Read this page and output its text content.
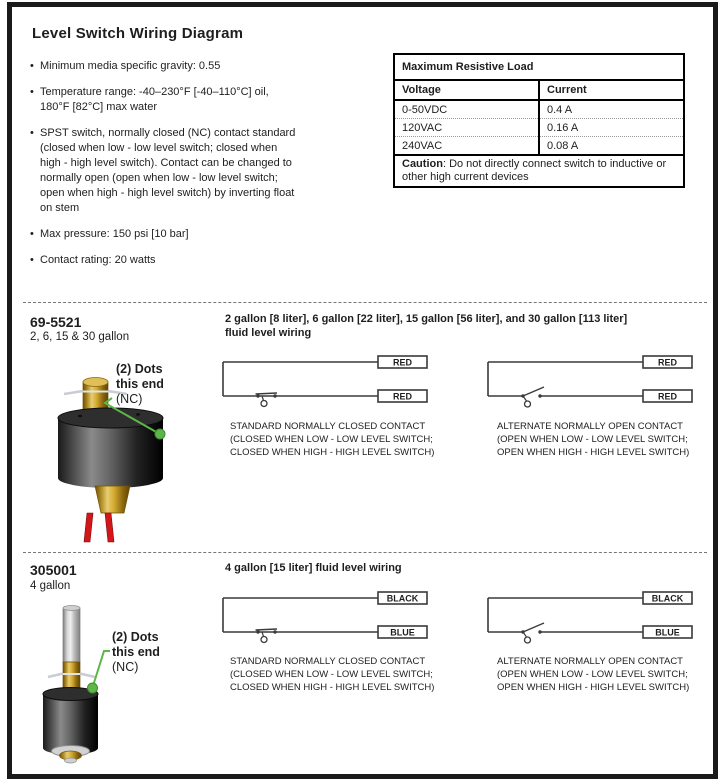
Level Switch Wiring Diagram
• Minimum media specific gravity: 0.55
• Temperature range: -40–230°F [-40–110°C] oil,
180°F [82°C] max water
• SPST switch, normally closed (NC) contact standard
(closed when low - low level switch; closed when
high - high level switch). Contact can be changed to
normally open (open when low - low level switch;
open when high - high level switch) by inverting float
on stem
• Max pressure: 150 psi [10 bar]
• Contact rating: 20 watts
Maximum Resistive Load	
Voltage	Current
0-50VDC	0.4 A
120VAC	0.16 A
240VAC	0.08 A
Caution: Do not directly connect switch to inductive or other high current devices	
69-5521
2, 6, 15 & 30 gallon
2 gallon [8 liter], 6 gallon [22 liter], 15 gallon [56 liter], and 30 gallon [113 liter]
fluid level wiring
(2) Dots
this end
(NC)
RED
RED
STANDARD NORMALLY CLOSED CONTACT
(CLOSED WHEN LOW - LOW LEVEL SWITCH;
CLOSED WHEN HIGH - HIGH LEVEL SWITCH)
RED
RED
ALTERNATE NORMALLY OPEN CONTACT
(OPEN WHEN LOW - LOW LEVEL SWITCH;
OPEN WHEN HIGH - HIGH LEVEL SWITCH)
305001
4 gallon
4 gallon [15 liter] fluid level wiring
(2) Dots
this end
(NC)
BLACK
BLUE
STANDARD NORMALLY CLOSED CONTACT
(CLOSED WHEN LOW - LOW LEVEL SWITCH;
CLOSED WHEN HIGH - HIGH LEVEL SWITCH)
BLACK
BLUE
ALTERNATE NORMALLY OPEN CONTACT
(OPEN WHEN LOW - LOW LEVEL SWITCH;
OPEN WHEN HIGH - HIGH LEVEL SWITCH)
